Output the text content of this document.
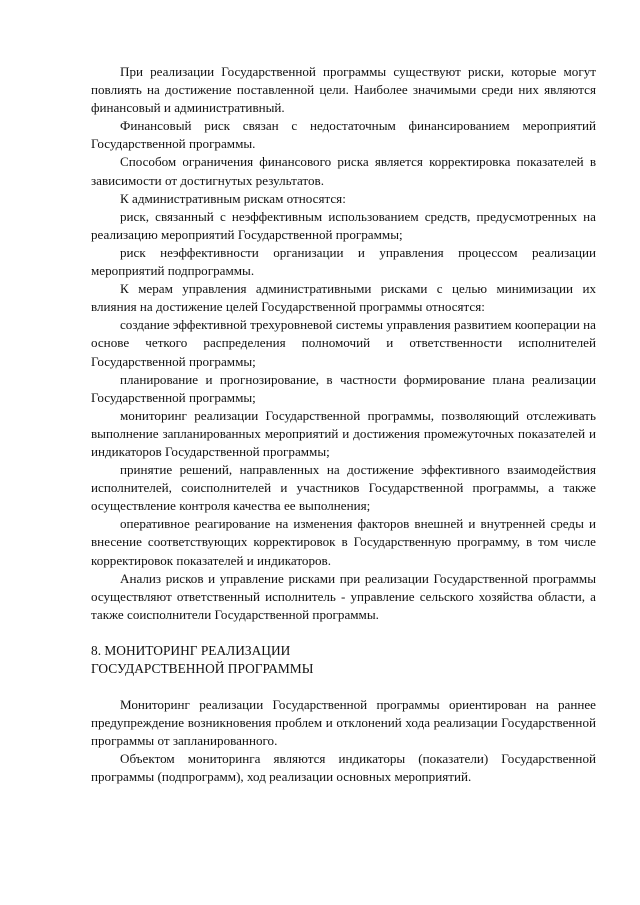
При реализации Государственной программы существуют риски, которые могут повлиять на достижение поставленной цели. Наиболее значимыми среди них являются финансовый и административный.

Финансовый риск связан с недостаточным финансированием мероприятий Государственной программы.

Способом ограничения финансового риска является корректировка показателей в зависимости от достигнутых результатов.

К административным рискам относятся:

риск, связанный с неэффективным использованием средств, предусмотренных на реализацию мероприятий Государственной программы;

риск неэффективности организации и управления процессом реализации мероприятий подпрограммы.

К мерам управления административными рисками с целью минимизации их влияния на достижение целей Государственной программы относятся:

создание эффективной трехуровневой системы управления развитием кооперации на основе четкого распределения полномочий и ответственности исполнителей Государственной программы;

планирование и прогнозирование, в частности формирование плана реализации Государственной программы;

мониторинг реализации Государственной программы, позволяющий отслеживать выполнение запланированных мероприятий и достижения промежуточных показателей и индикаторов Государственной программы;

принятие решений, направленных на достижение эффективного взаимодействия исполнителей, соисполнителей и участников Государственной программы, а также осуществление контроля качества ее выполнения;

оперативное реагирование на изменения факторов внешней и внутренней среды и внесение соответствующих корректировок в Государственную программу, в том числе корректировок показателей и индикаторов.

Анализ рисков и управление рисками при реализации Государственной программы осуществляют ответственный исполнитель - управление сельского хозяйства области, а также соисполнители Государственной программы.

8. МОНИТОРИНГ РЕАЛИЗАЦИИ
ГОСУДАРСТВЕННОЙ ПРОГРАММЫ

Мониторинг реализации Государственной программы ориентирован на раннее предупреждение возникновения проблем и отклонений хода реализации Государственной программы от запланированного.

Объектом мониторинга являются индикаторы (показатели) Государственной программы (подпрограмм), ход реализации основных мероприятий.
